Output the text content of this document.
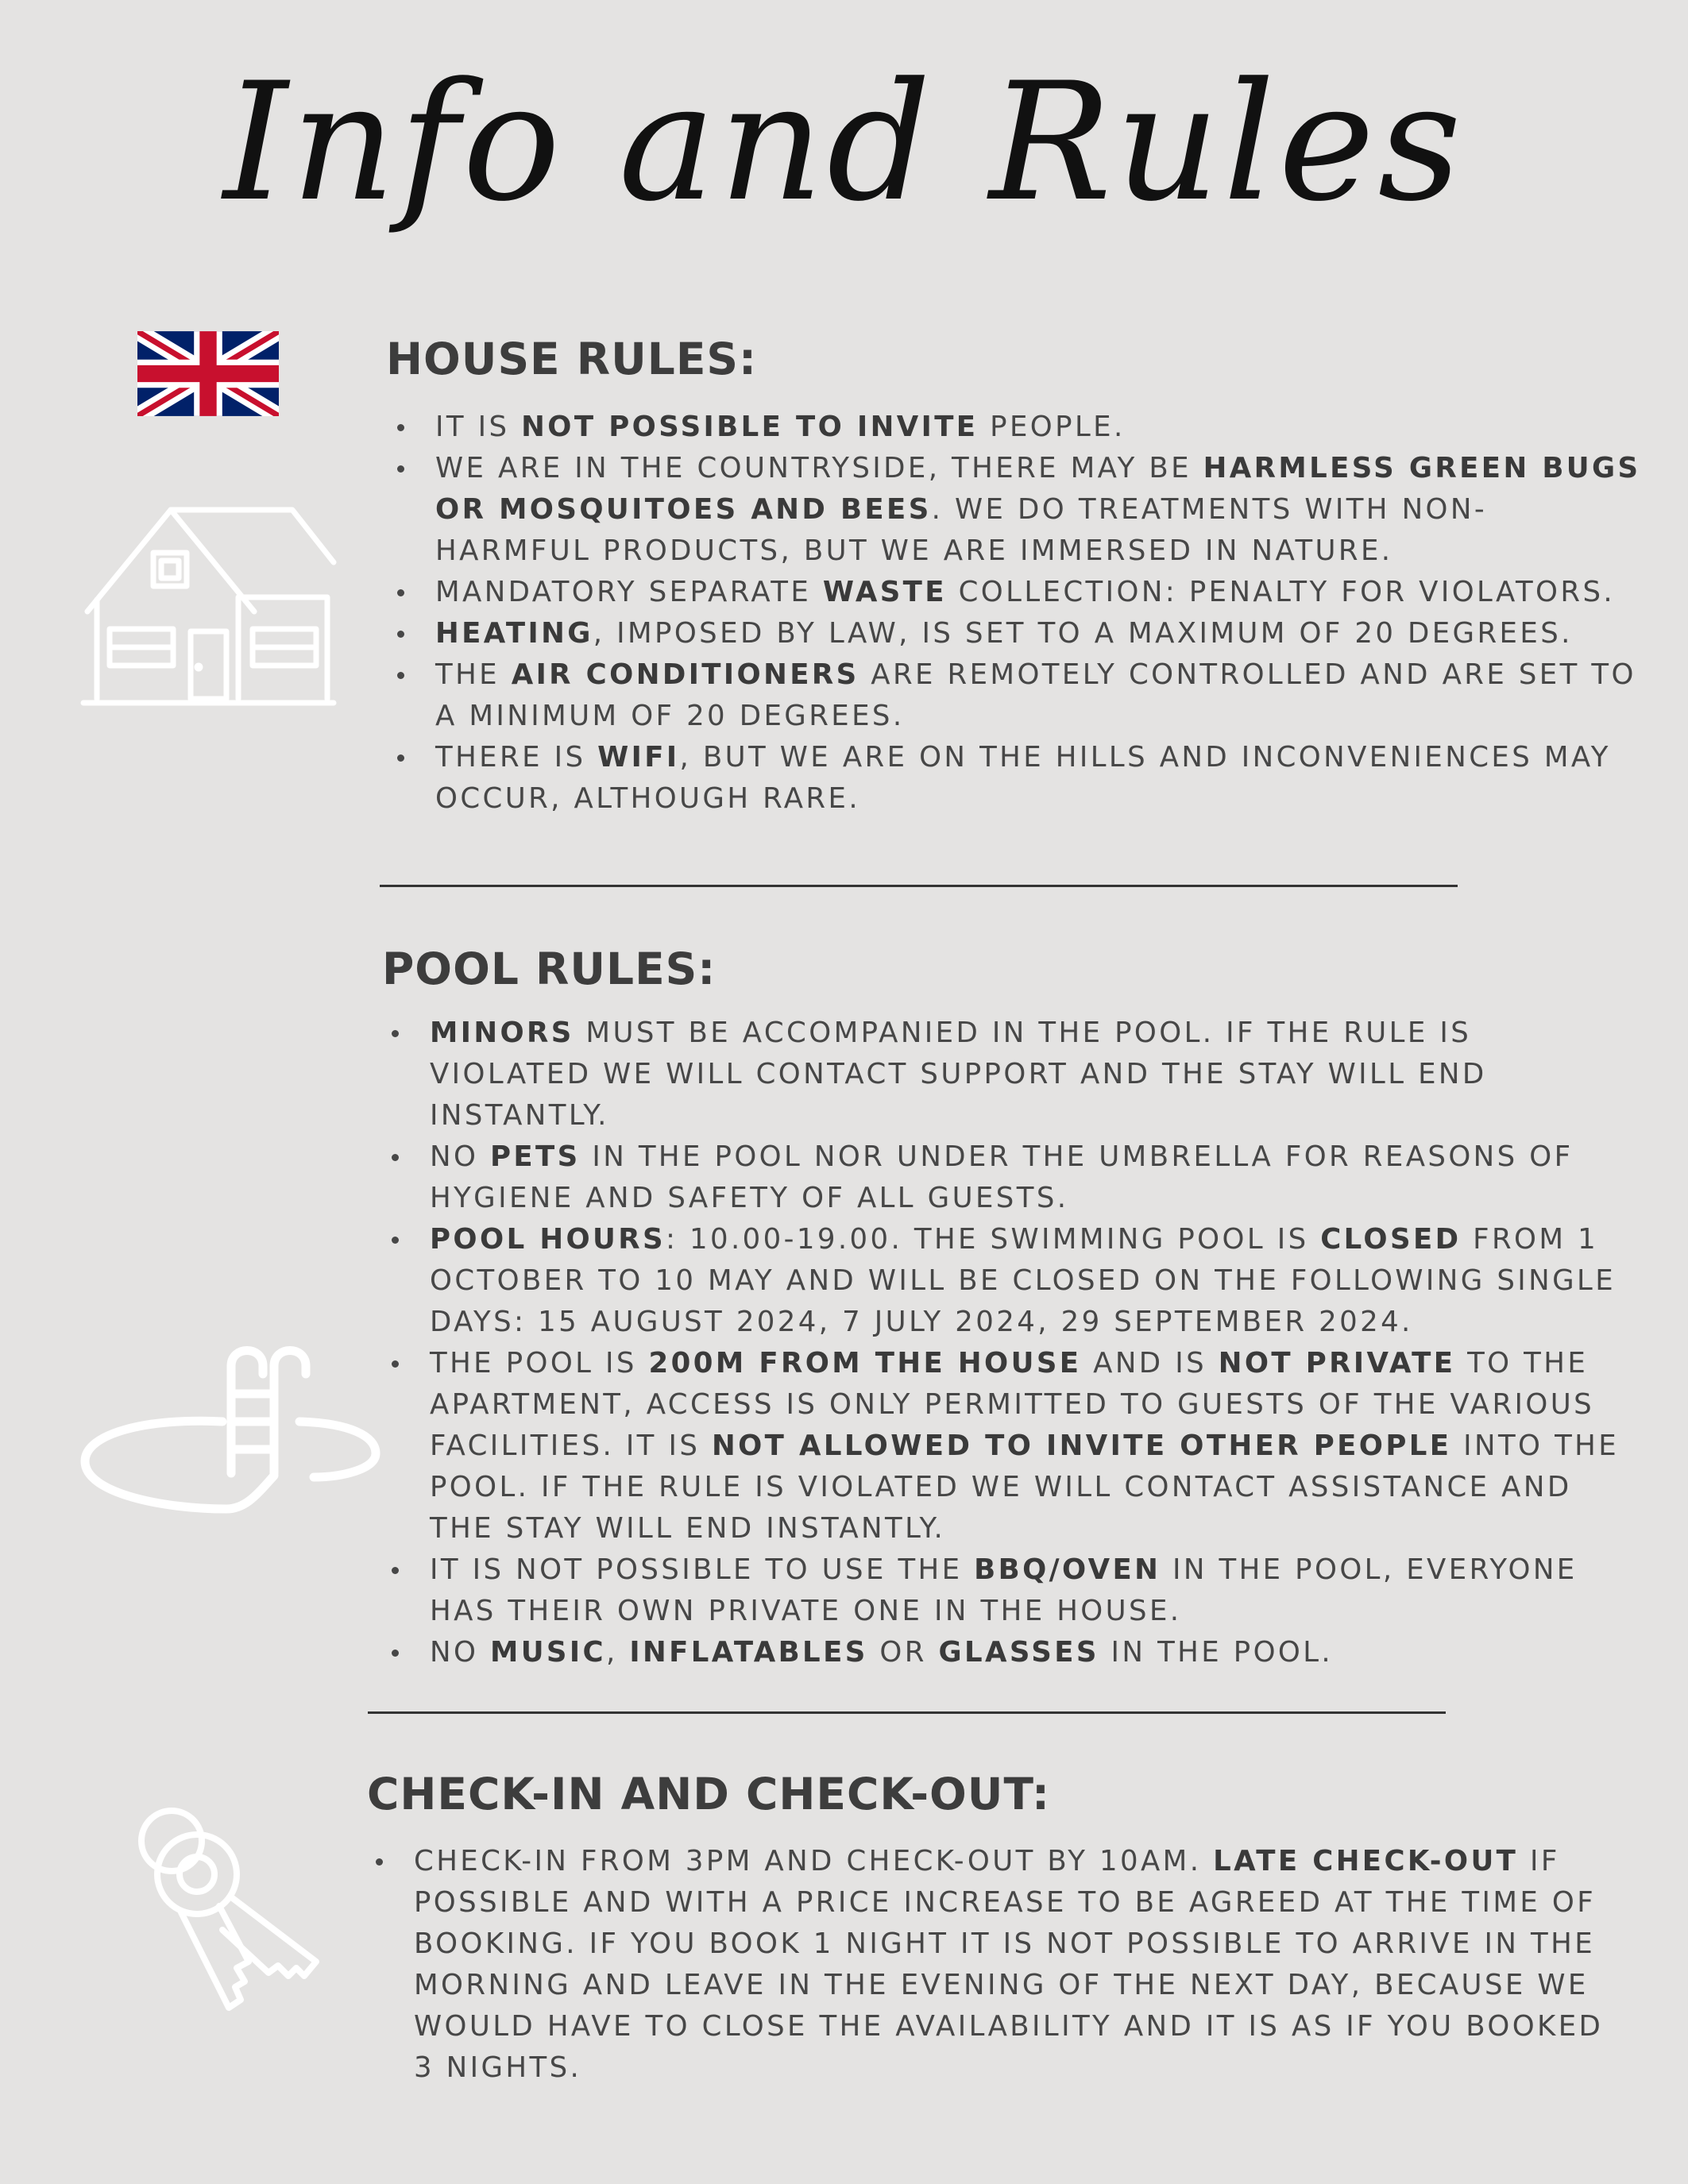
Info and Rules
HOUSE RULES:
IT IS NOT POSSIBLE TO INVITE PEOPLE.
WE ARE IN THE COUNTRYSIDE, THERE MAY BE HARMLESS GREEN BUGS OR MOSQUITOES AND BEES. WE DO TREATMENTS WITH NON-HARMFUL PRODUCTS, BUT WE ARE IMMERSED IN NATURE.
MANDATORY SEPARATE WASTE COLLECTION: PENALTY FOR VIOLATORS.
HEATING, IMPOSED BY LAW, IS SET TO A MAXIMUM OF 20 DEGREES.
THE AIR CONDITIONERS ARE REMOTELY CONTROLLED AND ARE SET TO A MINIMUM OF 20 DEGREES.
THERE IS WIFI, BUT WE ARE ON THE HILLS AND INCONVENIENCES MAY OCCUR, ALTHOUGH RARE.
POOL RULES:
MINORS MUST BE ACCOMPANIED IN THE POOL. IF THE RULE IS VIOLATED WE WILL CONTACT SUPPORT AND THE STAY WILL END INSTANTLY.
NO PETS IN THE POOL NOR UNDER THE UMBRELLA FOR REASONS OF HYGIENE AND SAFETY OF ALL GUESTS.
POOL HOURS: 10.00-19.00. THE SWIMMING POOL IS CLOSED FROM 1 OCTOBER TO 10 MAY AND WILL BE CLOSED ON THE FOLLOWING SINGLE DAYS: 15 AUGUST 2024, 7 JULY 2024, 29 SEPTEMBER 2024.
THE POOL IS 200M FROM THE HOUSE AND IS NOT PRIVATE TO THE APARTMENT, ACCESS IS ONLY PERMITTED TO GUESTS OF THE VARIOUS FACILITIES. IT IS NOT ALLOWED TO INVITE OTHER PEOPLE INTO THE POOL. IF THE RULE IS VIOLATED WE WILL CONTACT ASSISTANCE AND THE STAY WILL END INSTANTLY.
IT IS NOT POSSIBLE TO USE THE BBQ/OVEN IN THE POOL, EVERYONE HAS THEIR OWN PRIVATE ONE IN THE HOUSE.
NO MUSIC, INFLATABLES OR GLASSES IN THE POOL.
CHECK-IN AND CHECK-OUT:
CHECK-IN FROM 3PM AND CHECK-OUT BY 10AM. LATE CHECK-OUT IF POSSIBLE AND WITH A PRICE INCREASE TO BE AGREED AT THE TIME OF BOOKING. IF YOU BOOK 1 NIGHT IT IS NOT POSSIBLE TO ARRIVE IN THE MORNING AND LEAVE IN THE EVENING OF THE NEXT DAY, BECAUSE WE WOULD HAVE TO CLOSE THE AVAILABILITY AND IT IS AS IF YOU BOOKED 3 NIGHTS.
